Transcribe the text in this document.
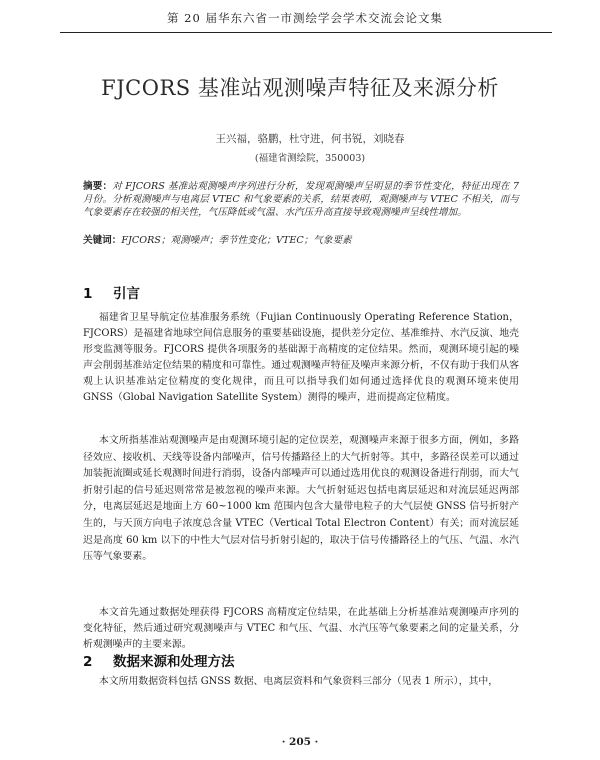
第 20 届华东六省一市测绘学会学术交流会论文集
FJCORS 基准站观测噪声特征及来源分析
王兴福，骆鹏，杜守进，何书锐，刘晓春
(福建省测绘院，350003)
摘要：对 FJCORS 基准站观测噪声序列进行分析，发现观测噪声呈明显的季节性变化，特征出现在 7 月份。分析观测噪声与电离层 VTEC 和气象要素的关系，结果表明，观测噪声与 VTEC 不相关，而与气象要素存在较强的相关性，气压降低或气温、水汽压升高直接导致观测噪声呈线性增加。
关键词：FJCORS；观测噪声；季节性变化；VTEC；气象要素
1 引言
福建省卫星导航定位基准服务系统（Fujian Continuously Operating Reference Station，FJCORS）是福建省地球空间信息服务的重要基础设施，提供差分定位、基准维持、水汽反演、地壳形变监测等服务。FJCORS 提供各项服务的基础源于高精度的定位结果。然而，观测环境引起的噪声会削弱基准站定位结果的精度和可靠性。通过观测噪声特征及噪声来源分析，不仅有助于我们从客观上认识基准站定位精度的变化规律，而且可以指导我们如何通过选择优良的观测环境来使用 GNSS（Global Navigation Satellite System）测得的噪声，进而提高定位精度。
本文所指基准站观测噪声是由观测环境引起的定位误差，观测噪声来源于很多方面，例如，多路径效应、接收机、天线等设备内部噪声，信号传播路径上的大气折射等。其中，多路径误差可以通过加装扼流圈或延长观测时间进行消弱，设备内部噪声可以通过选用优良的观测设备进行削弱，而大气折射引起的信号延迟则常常是被忽视的噪声来源。大气折射延迟包括电离层延迟和对流层延迟两部分，电离层延迟是地面上方 60~1000 km 范围内包含大量带电粒子的大气层使 GNSS 信号折射产生的，与天顶方向电子浓度总含量 VTEC（Vertical Total Electron Content）有关；而对流层延迟是高度 60 km 以下的中性大气层对信号折射引起的，取决于信号传播路径上的气压、气温、水汽压等气象要素。
本文首先通过数据处理获得 FJCORS 高精度定位结果，在此基础上分析基准站观测噪声序列的变化特征，然后通过研究观测噪声与 VTEC 和气压、气温、水汽压等气象要素之间的定量关系，分析观测噪声的主要来源。
2 数据来源和处理方法
本文所用数据资料包括 GNSS 数据、电离层资料和气象资料三部分（见表 1 所示），其中，
· 205 ·
